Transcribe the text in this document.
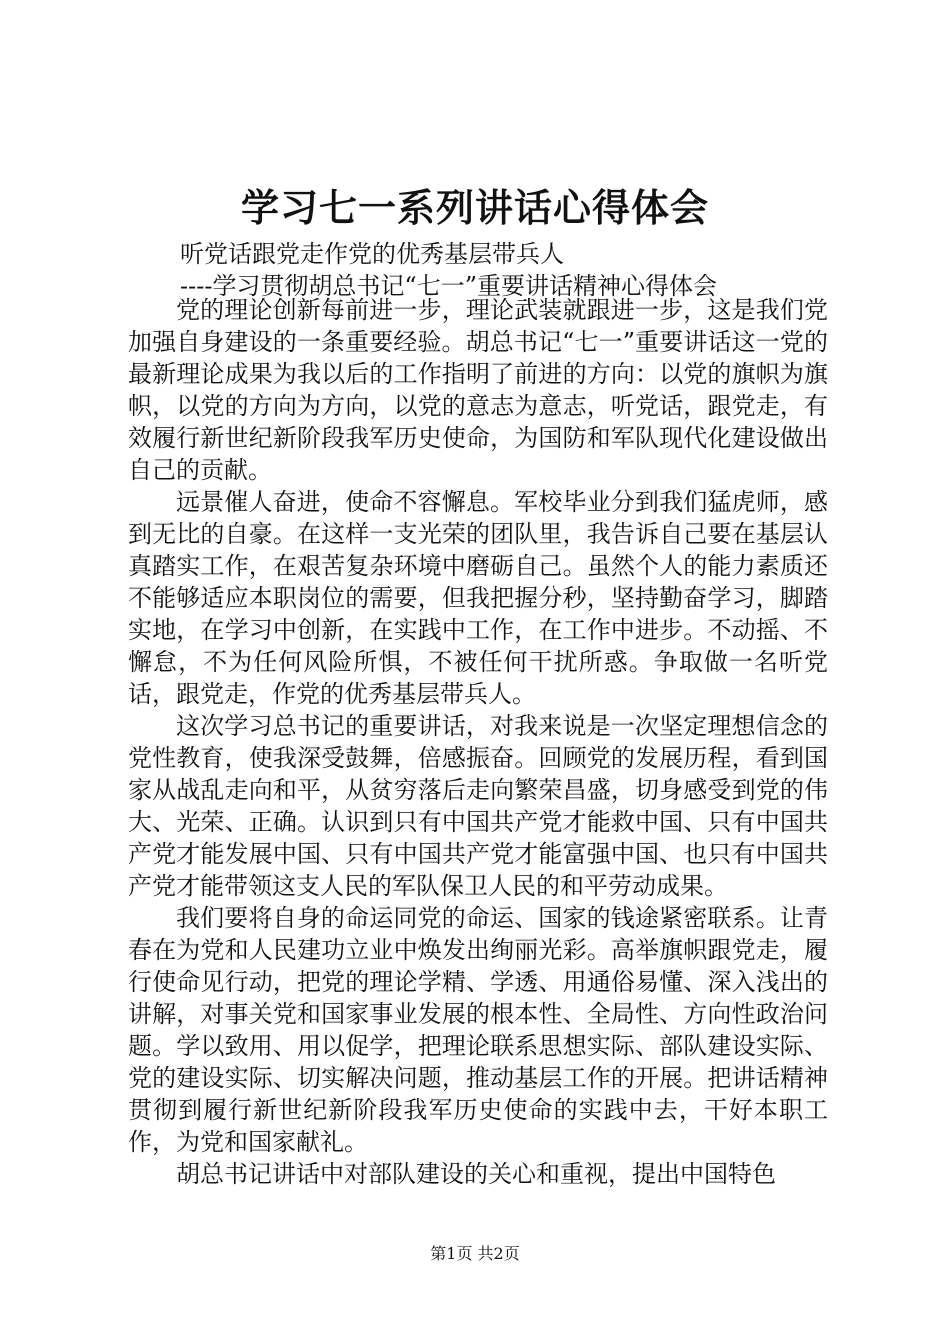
学习七一系列讲话心得体会
听党话跟党走作党的优秀基层带兵人
----学习贯彻胡总书记“七一”重要讲话精神心得体会

党的理论创新每前进一步，理论武装就跟进一步，这是我们党加强自身建设的一条重要经验。胡总书记“七一”重要讲话这一党的最新理论成果为我以后的工作指明了前进的方向：以党的旗帜为旗帜，以党的方向为方向，以党的意志为意志，听党话，跟党走，有效履行新世纪新阶段我军历史使命，为国防和军队现代化建设做出自己的贡献。

远景催人奋进，使命不容懈息。军校毕业分到我们猛虎师，感到无比的自豪。在这样一支光荣的团队里，我告诉自己要在基层认真踏实工作，在艰苦复杂环境中磨砺自己。虽然个人的能力素质还不能够适应本职岗位的需要，但我把握分秒，坚持勤奋学习，脚踏实地，在学习中创新，在实践中工作，在工作中进步。不动摇、不懈怠，不为任何风险所惧，不被任何干扰所惑。争取做一名听党话，跟党走，作党的优秀基层带兵人。

这次学习总书记的重要讲话，对我来说是一次坚定理想信念的党性教育，使我深受鼓舞，倍感振奋。回顾党的发展历程，看到国家从战乱走向和平，从贫穷落后走向繁荣昌盛，切身感受到党的伟大、光荣、正确。认识到只有中国共产党才能救中国、只有中国共产党才能发展中国、只有中国共产党才能富强中国、也只有中国共产党才能带领这支人民的军队保卫人民的和平劳动成果。

我们要将自身的命运同党的命运、国家的钱途紧密联系。让青春在为党和人民建功立业中焕发出绚丽光彩。高举旗帜跟党走，履行使命见行动，把党的理论学精、学透、用通俗易懂、深入浅出的讲解，对事关党和国家事业发展的根本性、全局性、方向性政治问题。学以致用、用以促学，把理论联系思想实际、部队建设实际、党的建设实际、切实解决问题，推动基层工作的开展。把讲话精神贯彻到履行新世纪新阶段我军历史使命的实践中去，干好本职工作，为党和国家献礼。

胡总书记讲话中对部队建设的关心和重视，提出中国特色

第1页 共2页
